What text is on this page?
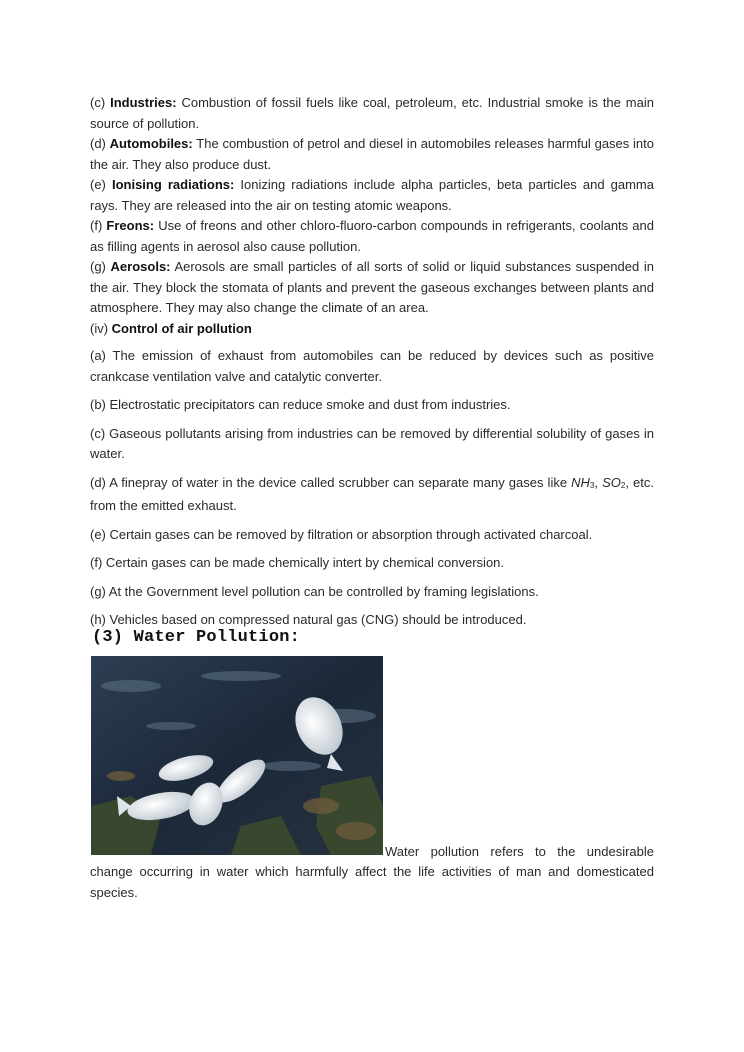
(c) Industries: Combustion of fossil fuels like coal, petroleum, etc. Industrial smoke is the main source of pollution.

(d) Automobiles: The combustion of petrol and diesel in automobiles releases harmful gases into the air. They also produce dust.

(e) Ionising radiations: Ionizing radiations include alpha particles, beta particles and gamma rays. They are released into the air on testing atomic weapons.

(f) Freons: Use of freons and other chloro-fluoro-carbon compounds in refrigerants, coolants and as filling agents in aerosol also cause pollution.

(g) Aerosols: Aerosols are small particles of all sorts of solid or liquid substances suspended in the air. They block the stomata of plants and prevent the gaseous exchanges between plants and atmosphere. They may also change the climate of an area.

(iv) Control of air pollution

(a) The emission of exhaust from automobiles can be reduced by devices such as positive crankcase ventilation valve and catalytic converter.

(b) Electrostatic precipitators can reduce smoke and dust from industries.

(c) Gaseous pollutants arising from industries can be removed by differential solubility of gases in water.

(d) A finepray of water in the device called scrubber can separate many gases like $NH_3$, $SO_2$, etc. from the emitted exhaust.

(e) Certain gases can be removed by filtration or absorption through activated charcoal.

(f) Certain gases can be made chemically intert by chemical conversion.

(g) At the Government level pollution can be controlled by framing legislations.

(h) Vehicles based on compressed natural gas (CNG) should be introduced.

(3) Water Pollution:
Water pollution refers to the undesirable
change occurring in water which harmfully affect the life activities of man and domesticated species.
